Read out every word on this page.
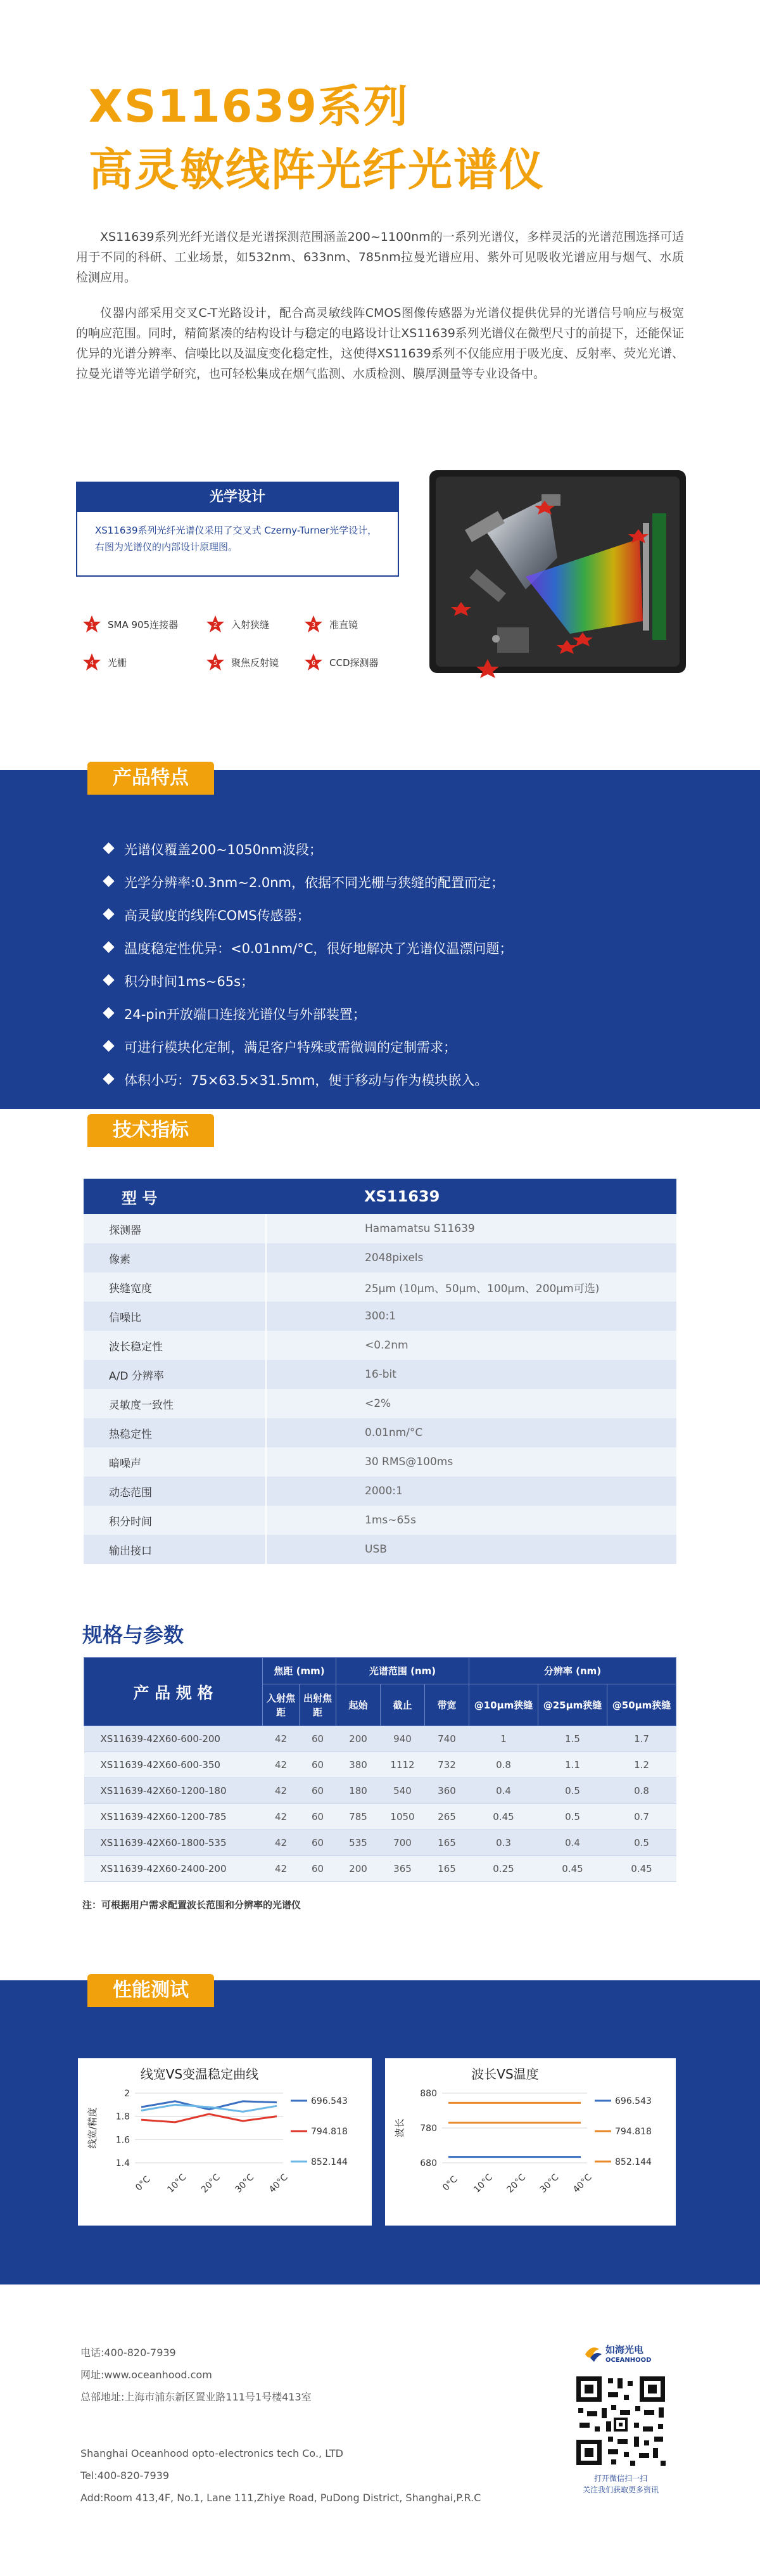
XS11639系列
高灵敏线阵光纤光谱仪

XS11639系列光纤光谱仪是光谱探测范围涵盖200~1100nm的一系列光谱仪，多样灵活的光谱范围选择可适用于不同的科研、工业场景，如532nm、633nm、785nm拉曼光谱应用、紫外可见吸收光谱应用与烟气、水质检测应用。

仪器内部采用交叉C-T光路设计，配合高灵敏线阵CMOS图像传感器为光谱仪提供优异的光谱信号响应与极宽的响应范围。同时，精简紧凑的结构设计与稳定的电路设计让XS11639系列光谱仪在微型尺寸的前提下，还能保证优异的光谱分辨率、信噪比以及温度变化稳定性，这使得XS11639系列不仅能应用于吸光度、反射率、荧光光谱、拉曼光谱等光谱学研究，也可轻松集成在烟气监测、水质检测、膜厚测量等专业设备中。

光学设计
XS11639系列光纤光谱仪采用了交叉式 Czerny-Turner光学设计，右图为光谱仪的内部设计原理图。
1 SMA 905连接器	2 入射狭缝	3 准直镜
4 光栅	5 聚焦反射镜	6 CCD探测器
产品特点
光谱仪覆盖200~1050nm波段；
光学分辨率:0.3nm~2.0nm，依据不同光栅与狭缝的配置而定；
高灵敏度的线阵COMS传感器；
温度稳定性优异：<0.01nm/°C，很好地解决了光谱仪温漂问题；
积分时间1ms~65s；
24-pin开放端口连接光谱仪与外部装置；
可进行模块化定制，满足客户特殊或需微调的定制需求；
体积小巧：75×63.5×31.5mm，便于移动与作为模块嵌入。
技术指标
型 号	XS11639
探测器	Hamamatsu S11639
像素	2048pixels
狭缝宽度	25μm (10μm、50μm、100μm、200μm可选)
信噪比	300:1
波长稳定性	<0.2nm
A/D 分辨率	16-bit
灵敏度一致性	<2%
热稳定性	0.01nm/°C
暗噪声	30 RMS@100ms
动态范围	2000:1
积分时间	1ms~65s
输出接口	USB
规格与参数
产 品 规 格	焦距 (mm)		光谱范围 (nm)			分辨率 (nm)		
	入射焦距	出射焦距	起始	截止	带宽	@10μm狭缝	@25μm狭缝	@50μm狭缝
XS11639-42X60-600-200	42	60	200	940	740	1	1.5	1.7
XS11639-42X60-600-350	42	60	380	1112	732	0.8	1.1	1.2
XS11639-42X60-1200-180	42	60	180	540	360	0.4	0.5	0.8
XS11639-42X60-1200-785	42	60	785	1050	265	0.45	0.5	0.7
XS11639-42X60-1800-535	42	60	535	700	165	0.3	0.4	0.5
XS11639-42X60-2400-200	42	60	200	365	165	0.25	0.45	0.45
注：可根据用户需求配置波长范围和分辨率的光谱仪
性能测试
线宽VS变温稳定曲线
线宽/精度
2
1.8
1.6
1.4
0°C 10°C 20°C 30°C 40°C
696.543
794.818
852.144
波长VS温度
波长
880
780
680
0°C 10°C 20°C 30°C 40°C
696.543
794.818
852.144
电话:400-820-7939
网址:www.oceanhood.com
总部地址:上海市浦东新区置业路111号1号楼413室
Shanghai Oceanhood opto-electronics tech Co., LTD
Tel:400-820-7939
Add:Room 413,4F, No.1, Lane 111,Zhiye Road, PuDong District, Shanghai,P.R.C
如海光电
OCEANHOOD
打开微信扫一扫
关注我们获取更多资讯
